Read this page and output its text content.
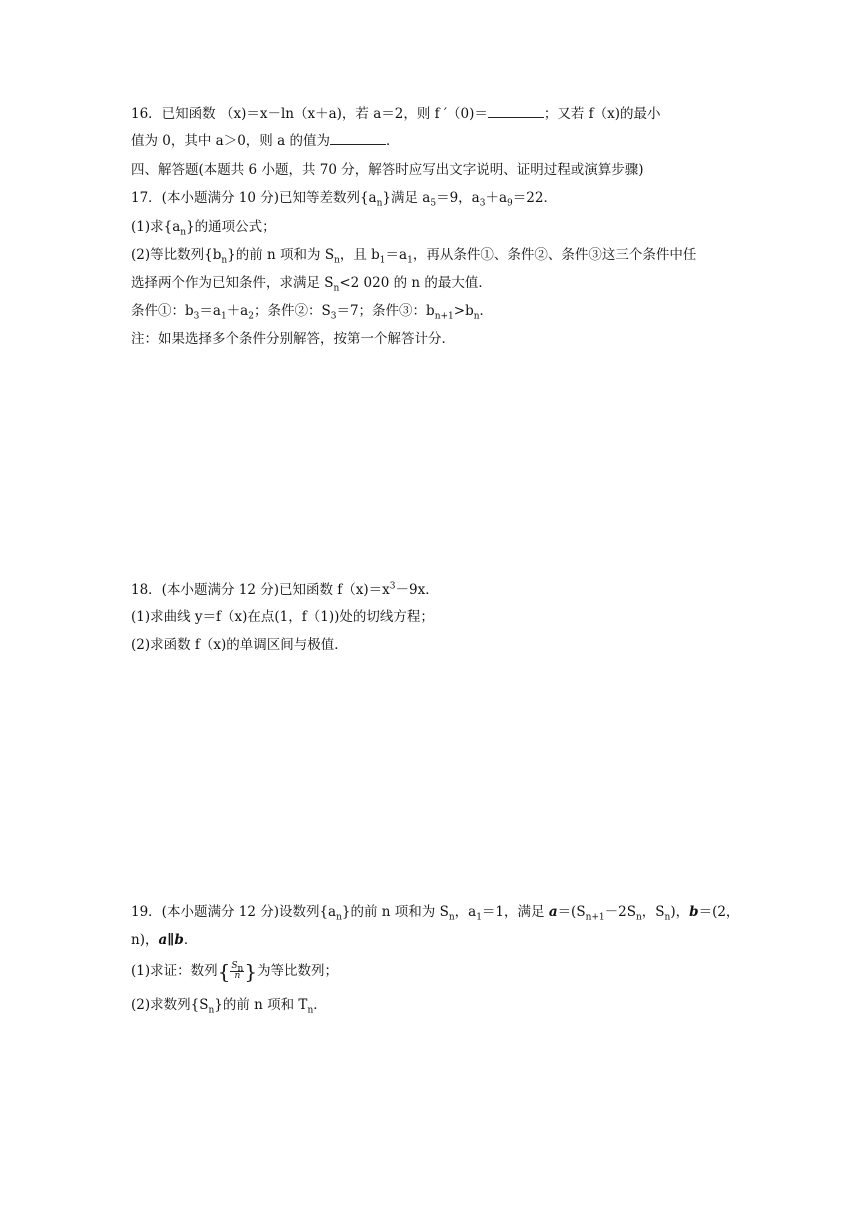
16．已知函数 （x)＝x－ln（x＋a)，若 a＝2，则 f ′（0)＝	；又若 f（x)的最小
值为 0，其中 a＞0，则 a 的值为	．
四、解答题(本题共 6 小题，共 70 分，解答时应写出文字说明、证明过程或演算步骤)
17．(本小题满分 10 分)已知等差数列$\{a_n\}$满足 $a_5=9$，$a_3+a_9=22$．
(1)求$\{a_n\}$的通项公式；
(2)等比数列$\{b_n\}$的前 n 项和为 $S_n$，且 $b_1=a_1$，再从条件①、条件②、条件③这三个条件中任
选择两个作为已知条件，求满足 $S_n<2$ 020 的 n 的最大值．
条件①：$b_3=a_1+a_2$；条件②：$S_3=7$；条件③：$b_{n+1}>b_n$．
注：如果选择多个条件分别解答，按第一个解答计分．
18．(本小题满分 12 分)已知函数 $f(x)=x^3-9x$．
(1)求曲线 y＝f（x)在点(1，f（1))处的切线方程；
(2)求函数 f（x)的单调区间与极值．
19．(本小题满分 12 分)设数列$\{a_n\}$的前 n 项和为 $S_n$，$a_1=1$，满足 $a=(S_{n+1}-2S_n$，$S_n$)，b＝(2，
n)，a∥b．
(1)求证：数列{ $\frac{S_n}{n}$ }为等比数列；
(2)求数列$\{S_n\}$的前 n 项和 $T_n$．
